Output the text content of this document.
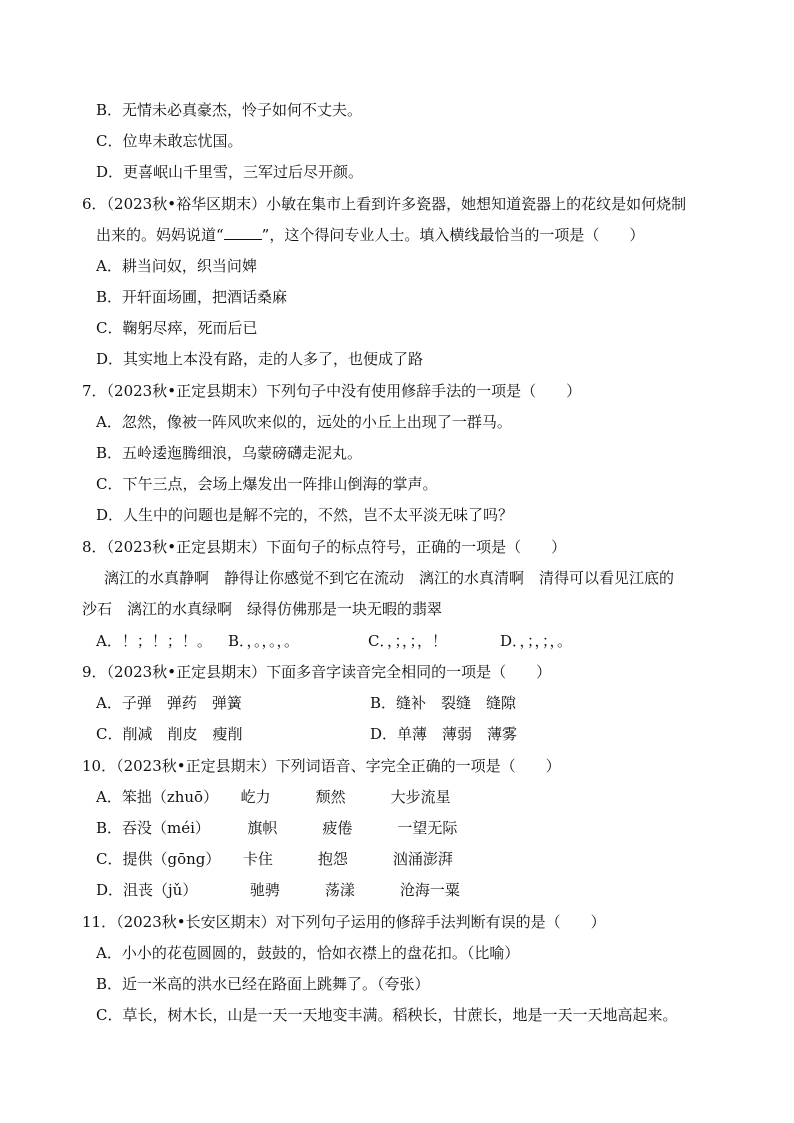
B．无情未必真豪杰，怜子如何不丈夫。
C．位卑未敢忘忧国。
D．更喜岷山千里雪，三军过后尽开颜。
6．（2023秋•裕华区期末）小敏在集市上看到许多瓷器，她想知道瓷器上的花纹是如何烧制
出来的。妈妈说道“	”，这个得问专业人士。填入横线最恰当的一项是（　　）
A．耕当问奴，织当问婢
B．开轩面场圃，把酒话桑麻
C．鞠躬尽瘁，死而后已
D．其实地上本没有路，走的人多了，也便成了路
7．（2023秋•正定县期末）下列句子中没有使用修辞手法的一项是（　　）
A．忽然，像被一阵风吹来似的，远处的小丘上出现了一群马。
B．五岭逶迤腾细浪，乌蒙磅礴走泥丸。
C．下午三点，会场上爆发出一阵排山倒海的掌声。
D．人生中的问题也是解不完的，不然，岂不太平淡无味了吗？
8．（2023秋•正定县期末）下面句子的标点符号，正确的一项是（　　）
漓江的水真静啊　静得让你感觉不到它在流动　漓江的水真清啊　清得可以看见江底的
沙石　漓江的水真绿啊　绿得仿佛那是一块无暇的翡翠
A．！；！；！。 B．，。，。，。	C．，；，；，！	D．，；，；，。
9．（2023秋•正定县期末）下面多音字读音完全相同的一项是（　　）
A．子弹　弹药　弹簧	B．缝补　裂缝　缝隙
C．削减　削皮　瘦削	D．单薄　薄弱　薄雾
10．（2023秋•正定县期末）下列词语音、字完全正确的一项是（　　）
A．笨拙（zhuō）　　屹力　　　颓然　　　大步流星
B．吞没（méi）　　　旗帜　　　疲倦　　　一望无际
C．提供（gōng）　　卡住　　　抱怨　　　汹涌澎湃
D．沮丧（jǔ）　　　　驰骋　　　荡漾　　　沧海一粟
11．（2023秋•长安区期末）对下列句子运用的修辞手法判断有误的是（　　）
A．小小的花苞圆圆的，鼓鼓的，恰如衣襟上的盘花扣。（比喻）
B．近一米高的洪水已经在路面上跳舞了。（夸张）
C．草长，树木长，山是一天一天地变丰满。稻秧长，甘蔗长，地是一天一天地高起来。
